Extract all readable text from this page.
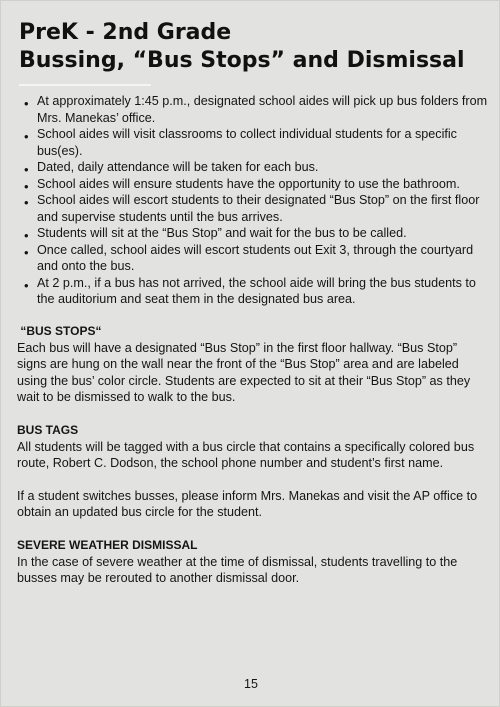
PreK - 2nd Grade
Bussing, “Bus Stops” and Dismissal
• At approximately 1:45 p.m., designated school aides will pick up bus folders from Mrs. Manekas’ office.
• School aides will visit classrooms to collect individual students for a specific bus(es).
• Dated, daily attendance will be taken for each bus.
• School aides will ensure students have the opportunity to use the bathroom.
• School aides will escort students to their designated “Bus Stop” on the first floor and supervise students until the bus arrives.
• Students will sit at the “Bus Stop” and wait for the bus to be called.
• Once called, school aides will escort students out Exit 3, through the courtyard and onto the bus.
• At 2 p.m., if a bus has not arrived, the school aide will bring the bus students to the auditorium and seat them in the designated bus area.
“BUS STOPS“

Each bus will have a designated “Bus Stop” in the first floor hallway. “Bus Stop” signs are hung on the wall near the front of the “Bus Stop” area and are labeled using the bus’ color circle. Students are expected to sit at their “Bus Stop” as they wait to be dismissed to walk to the bus.

BUS TAGS

All students will be tagged with a bus circle that contains a specifically colored bus route, Robert C. Dodson, the school phone number and student’s first name.

If a student switches busses, please inform Mrs. Manekas and visit the AP office to obtain an updated bus circle for the student.

SEVERE WEATHER DISMISSAL

In the case of severe weather at the time of dismissal, students travelling to the busses may be rerouted to another dismissal door.

15
